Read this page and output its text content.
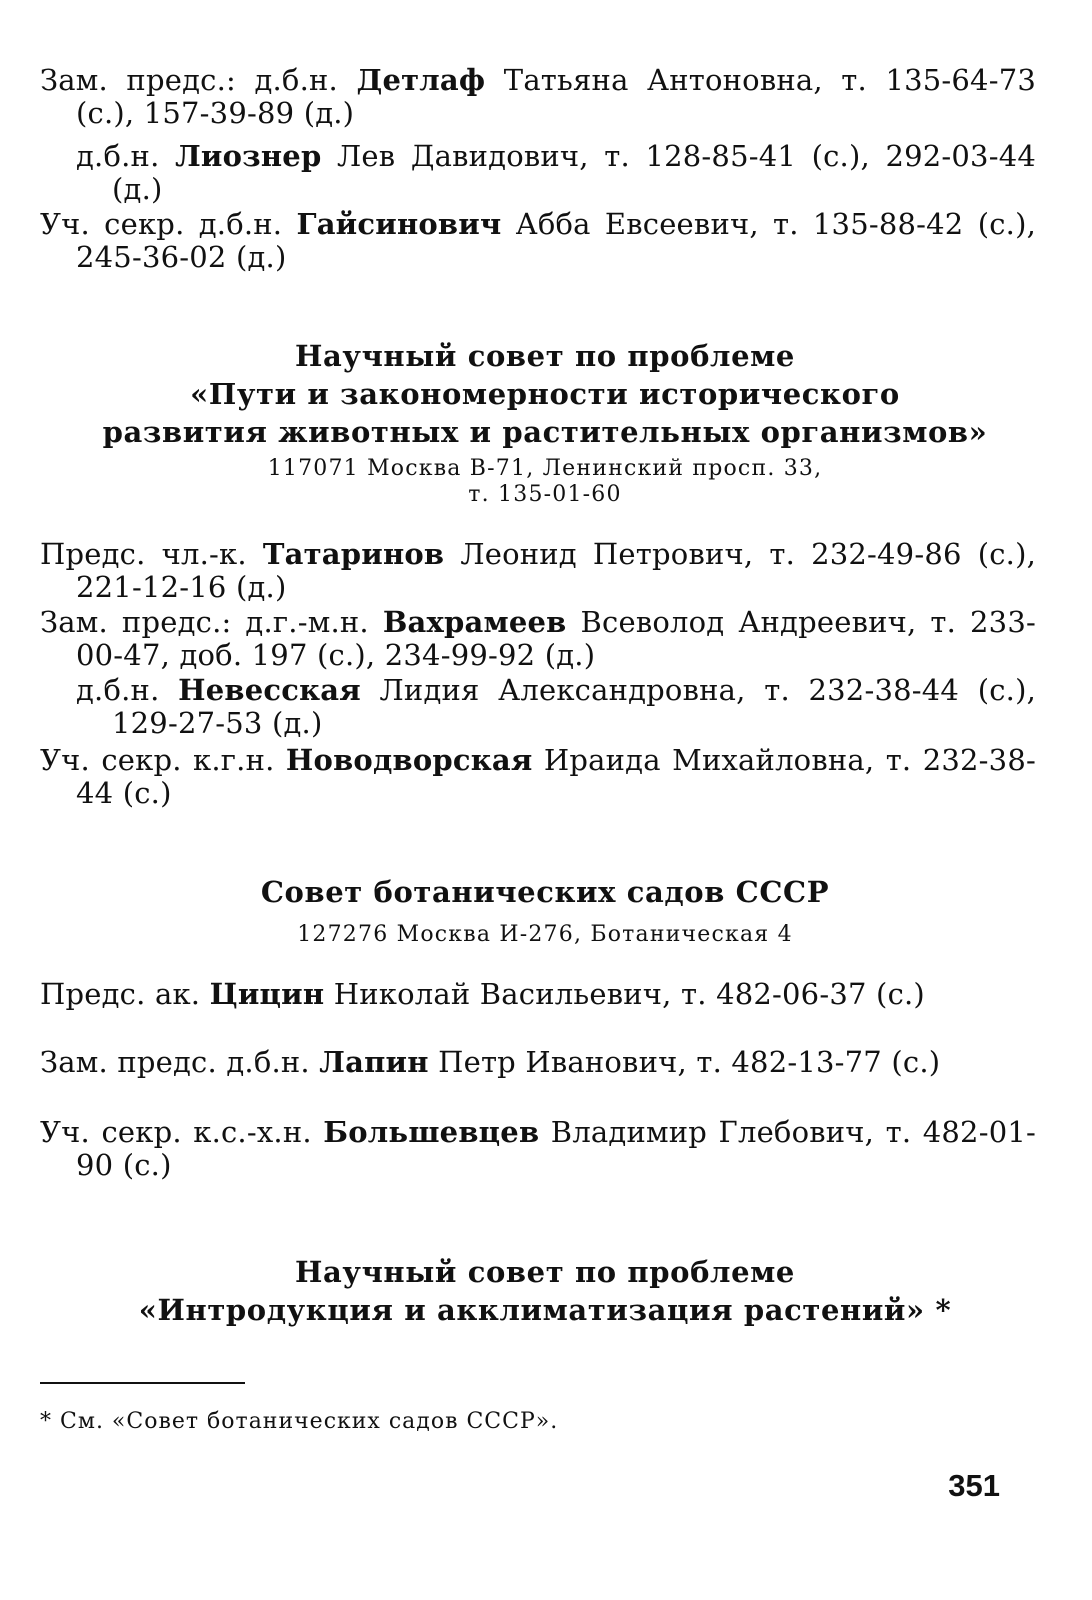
Зам. предс.: д.б.н. Детлаф Татьяна Антоновна, т. 135-64-73 (с.), 157-39-89 (д.)
д.б.н. Лиознер Лев Давидович, т. 128-85-41 (с.), 292-03-44 (д.)
Уч. секр. д.б.н. Гайсинович Абба Евсеевич, т. 135-88-42 (с.), 245-36-02 (д.)
Научный совет по проблеме
«Пути и закономерности исторического
развития животных и растительных организмов»
117071 Москва В-71, Ленинский просп. 33,
т. 135-01-60
Предс. чл.-к. Татаринов Леонид Петрович, т. 232-49-86 (с.), 221-12-16 (д.)
Зам. предс.: д.г.-м.н. Вахрамеев Всеволод Андреевич, т. 233-00-47, доб. 197 (с.), 234-99-92 (д.)
д.б.н. Невесская Лидия Александровна, т. 232-38-44 (с.), 129-27-53 (д.)
Уч. секр. к.г.н. Новодворская Ираида Михайловна, т. 232-38-44 (с.)
Совет ботанических садов СССР
127276 Москва И-276, Ботаническая 4
Предс. ак. Цицин Николай Васильевич, т. 482-06-37 (с.)
Зам. предс. д.б.н. Лапин Петр Иванович, т. 482-13-77 (с.)
Уч. секр. к.с.-х.н. Большевцев Владимир Глебович, т. 482-01-90 (с.)
Научный совет по проблеме
«Интродукция и акклиматизация растений» *
* См. «Совет ботанических садов СССР».
351
